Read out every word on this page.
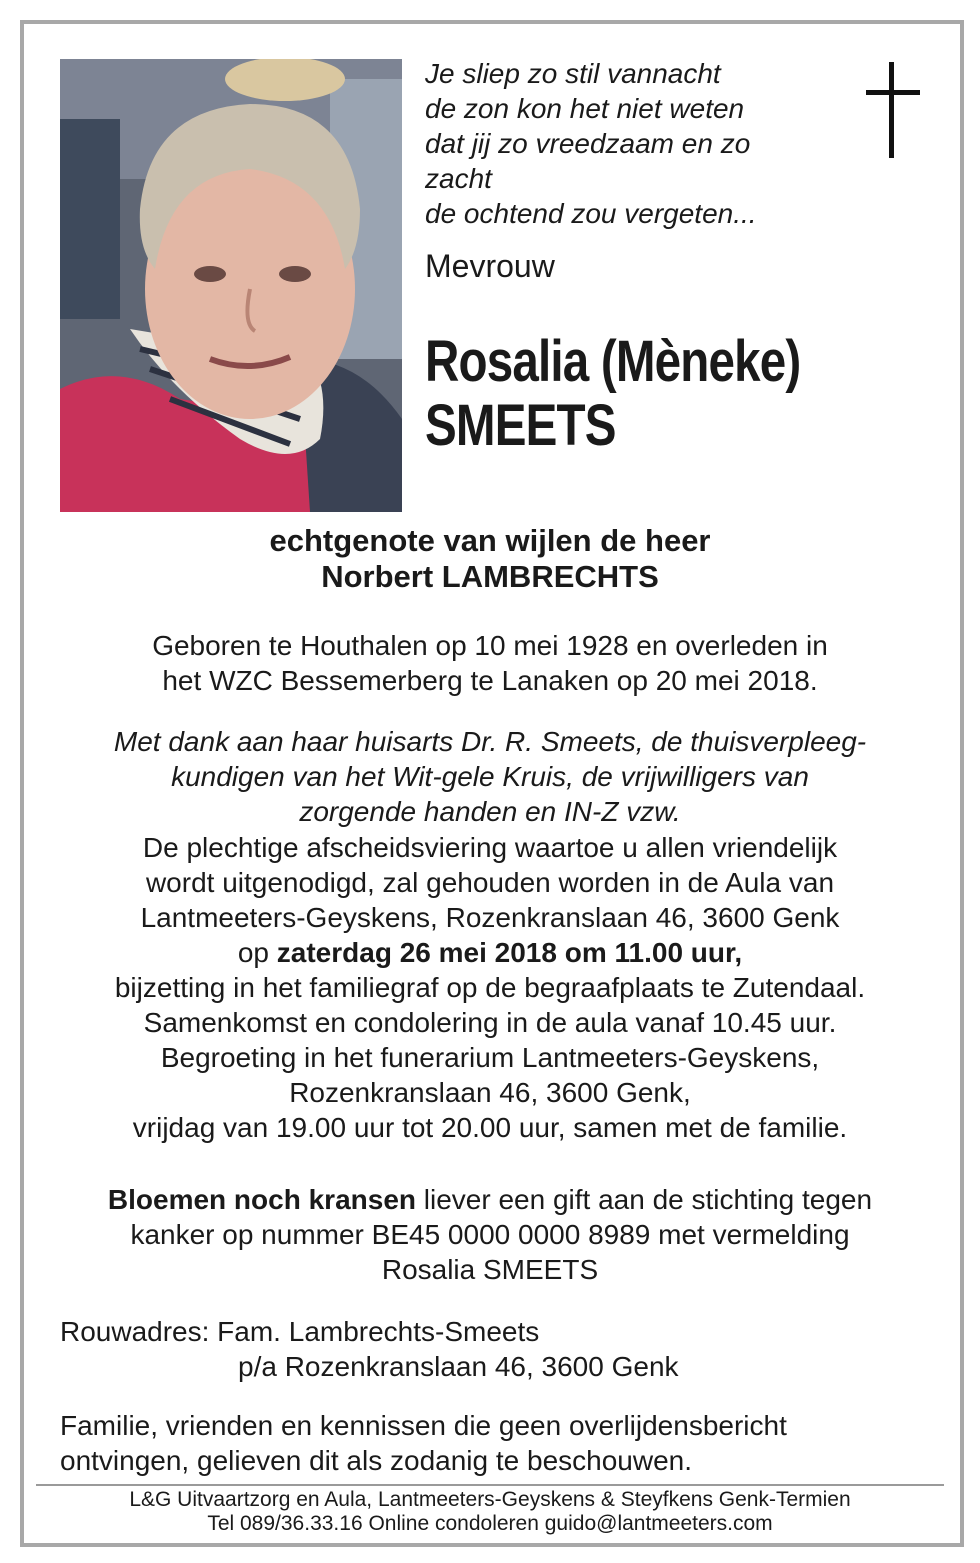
Je sliep zo stil vannacht
de zon kon het niet weten
dat jij zo vreedzaam en zo
zacht
de ochtend zou vergeten...
Mevrouw
Rosalia (Mèneke)
SMEETS
echtgenote van wijlen de heer
Norbert LAMBRECHTS
Geboren te Houthalen op 10 mei 1928 en overleden in
het WZC Bessemerberg te Lanaken op 20 mei 2018.
Met dank aan haar huisarts Dr. R. Smeets, de thuisverpleeg-
kundigen van het Wit-gele Kruis, de vrijwilligers van
zorgende handen en IN-Z vzw.
De plechtige afscheidsviering waartoe u allen vriendelijk
wordt uitgenodigd, zal gehouden worden in de Aula van
Lantmeeters-Geyskens, Rozenkranslaan 46, 3600 Genk
op zaterdag 26 mei 2018 om 11.00 uur,
bijzetting in het familiegraf op de begraafplaats te Zutendaal.
Samenkomst en condolering in de aula vanaf 10.45 uur.
Begroeting in het funerarium Lantmeeters-Geyskens,
Rozenkranslaan 46, 3600 Genk,
vrijdag van 19.00 uur tot 20.00 uur, samen met de familie.
Bloemen noch kransen liever een gift aan de stichting tegen
kanker op nummer BE45 0000 0000 8989 met vermelding
Rosalia SMEETS
Rouwadres: Fam. Lambrechts-Smeets
p/a Rozenkranslaan 46, 3600 Genk
Familie, vrienden en kennissen die geen overlijdensbericht
ontvingen, gelieven dit als zodanig te beschouwen.
L&G Uitvaartzorg en Aula, Lantmeeters-Geyskens & Steyfkens Genk-Termien
Tel 089/36.33.16 Online condoleren guido@lantmeeters.com
